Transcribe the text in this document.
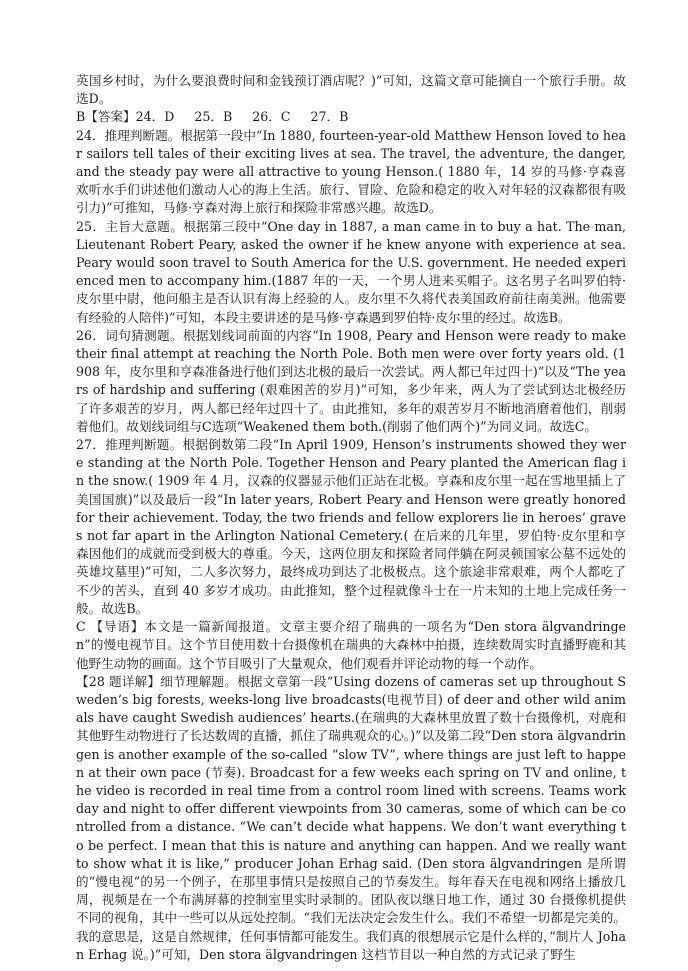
英国乡村时，为什么要浪费时间和金钱预订酒店呢？)”可知，这篇文章可能摘自一个旅行手册。故选D。

B【答案】24．D     25．B     26．C     27．B

24．推理判断题。根据第一段中“In 1880, fourteen-year-old Matthew Henson loved to hear sailors tell tales of their exciting lives at sea. The travel, the adventure, the danger, and the steady pay were all attractive to young Henson.( 1880 年，14 岁的马修·亨森喜欢听水手们讲述他们激动人心的海上生活。旅行、冒险、危险和稳定的收入对年轻的汉森都很有吸引力)”可推知，马修·亨森对海上旅行和探险非常感兴趣。故选D。

25．主旨大意题。根据第三段中“One day in 1887, a man came in to buy a hat. The man, Lieutenant Robert Peary, asked the owner if he knew anyone with experience at sea. Peary would soon travel to South America for the U.S. government. He needed experienced men to accompany him.(1887 年的一天，一个男人进来买帽子。这名男子名叫罗伯特·皮尔里中尉，他问船主是否认识有海上经验的人。皮尔里不久将代表美国政府前往南美洲。他需要有经验的人陪伴)”可知，本段主要讲述的是马修·亨森遇到罗伯特·皮尔里的经过。故选B。

26．词句猜测题。根据划线词前面的内容“In 1908, Peary and Henson were ready to make their final attempt at reaching the North Pole. Both men were over forty years old. (1908 年，皮尔里和亨森准备进行他们到达北极的最后一次尝试。两人都已年过四十)”以及“The years of hardship and suffering (艰难困苦的岁月)”可知，多少年来，两人为了尝试到达北极经历了许多艰苦的岁月，两人都已经年过四十了。由此推知，多年的艰苦岁月不断地消磨着他们，削弱着他们。故划线词组与C选项“Weakened them both.(削弱了他们两个)”为同义词。故选C。

27．推理判断题。根据倒数第二段“In April 1909, Henson’s instruments showed they were standing at the North Pole. Together Henson and Peary planted the American flag in the snow.( 1909 年 4 月，汉森的仪器显示他们正站在北极。亨森和皮尔里一起在雪地里插上了美国国旗)”以及最后一段“In later years, Robert Peary and Henson were greatly honored for their achievement. Today, the two friends and fellow explorers lie in heroes’ graves not far apart in the Arlington National Cemetery.( 在后来的几年里，罗伯特·皮尔里和亨森因他们的成就而受到极大的尊重。今天，这两位朋友和探险者同伴躺在阿灵顿国家公墓不远处的英雄坟墓里)”可知，二人多次努力，最终成功到达了北极极点。这个旅途非常艰难，两个人都吃了不少的苦头，直到 40 多岁才成功。由此推知，整个过程就像斗士在一片未知的土地上完成任务一般。故选B。

C 【导语】本文是一篇新闻报道。文章主要介绍了瑞典的一项名为“Den stora älgvandringen”的慢电视节目。这个节目使用数十台摄像机在瑞典的大森林中拍摄，连续数周实时直播野鹿和其他野生动物的画面。这个节目吸引了大量观众，他们观看并评论动物的每一个动作。

【28 题详解】细节理解题。根据文章第一段“Using dozens of cameras set up throughout Sweden’s big forests, weeks-long live broadcasts(电视节目) of deer and other wild animals have caught Swedish audiences’ hearts.(在瑞典的大森林里放置了数十台摄像机，对鹿和其他野生动物进行了长达数周的直播，抓住了瑞典观众的心。)”以及第二段“Den stora älgvandringen is another example of the so-called “slow TV”, where things are just left to happen at their own pace (节奏). Broadcast for a few weeks each spring on TV and online, the video is recorded in real time from a control room lined with screens. Teams work day and night to offer different viewpoints from 30 cameras, some of which can be controlled from a distance. “We can’t decide what happens. We don’t want everything to be perfect. I mean that this is nature and anything can happen. And we really want to show what it is like,” producer Johan Erhag said. (Den stora älgvandringen 是所谓的“慢电视”的另一个例子，在那里事情只是按照自己的节奏发生。每年春天在电视和网络上播放几周，视频是在一个布满屏幕的控制室里实时录制的。团队夜以继日地工作，通过 30 台摄像机提供不同的视角，其中一些可以从远处控制。“我们无法决定会发生什么。我们不希望一切都是完美的。我的意思是，这是自然规律，任何事情都可能发生。我们真的很想展示它是什么样的，”制片人 Johan Erhag 说。)”可知，Den stora älgvandringen 这档节目以一种自然的方式记录了野生
